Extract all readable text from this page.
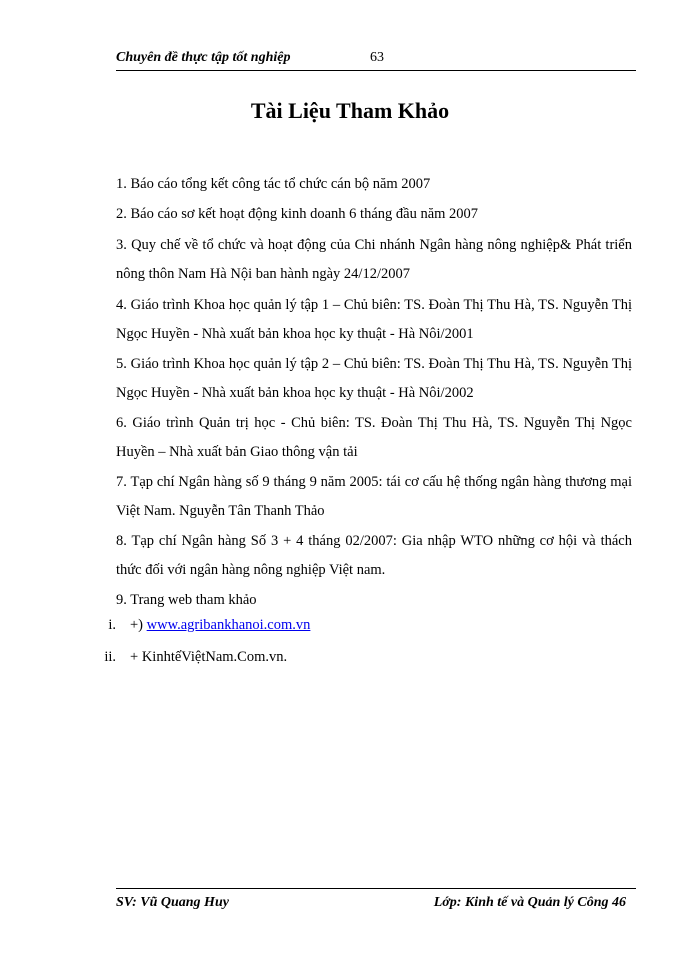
Chuyên đề thực tập tốt nghiệp	63
Tài Liệu Tham Khảo
1. Báo cáo tổng kết công tác tổ chức cán bộ năm 2007
2. Báo cáo sơ kết hoạt động kinh doanh 6 tháng đầu năm 2007
3. Quy chế về tổ chức và hoạt động của Chi nhánh Ngân hàng nông nghiệp& Phát triển nông thôn Nam Hà Nội ban hành ngày 24/12/2007
4. Giáo trình Khoa học quản lý tập 1 – Chủ biên: TS. Đoàn Thị Thu Hà, TS. Nguyễn Thị Ngọc Huyền - Nhà xuất bản khoa học ky thuật - Hà Nôi/2001
5. Giáo trình Khoa học quản lý tập 2 – Chủ biên: TS. Đoàn Thị Thu Hà, TS. Nguyễn Thị Ngọc Huyền - Nhà xuất bản khoa học ky thuật - Hà Nôi/2002
6. Giáo trình Quản trị học - Chủ biên: TS. Đoàn Thị Thu Hà, TS. Nguyễn Thị Ngọc Huyền – Nhà xuất bản Giao thông vận tải
7. Tạp chí Ngân hàng số 9 tháng 9 năm 2005: tái cơ cấu hệ thống ngân hàng thương mại Việt Nam. Nguyễn Tân Thanh Thảo
8. Tạp chí Ngân hàng Số 3 + 4 tháng 02/2007: Gia nhập WTO những cơ hội và thách thức đối với ngân hàng nông nghiệp Việt nam.
9. Trang web tham khảo
i. +) www.agribankhanoi.com.vn
ii. + KinhtếViệtNam.Com.vn.
SV: Vũ Quang Huy	Lớp: Kinh tế và Quản lý Công 46
